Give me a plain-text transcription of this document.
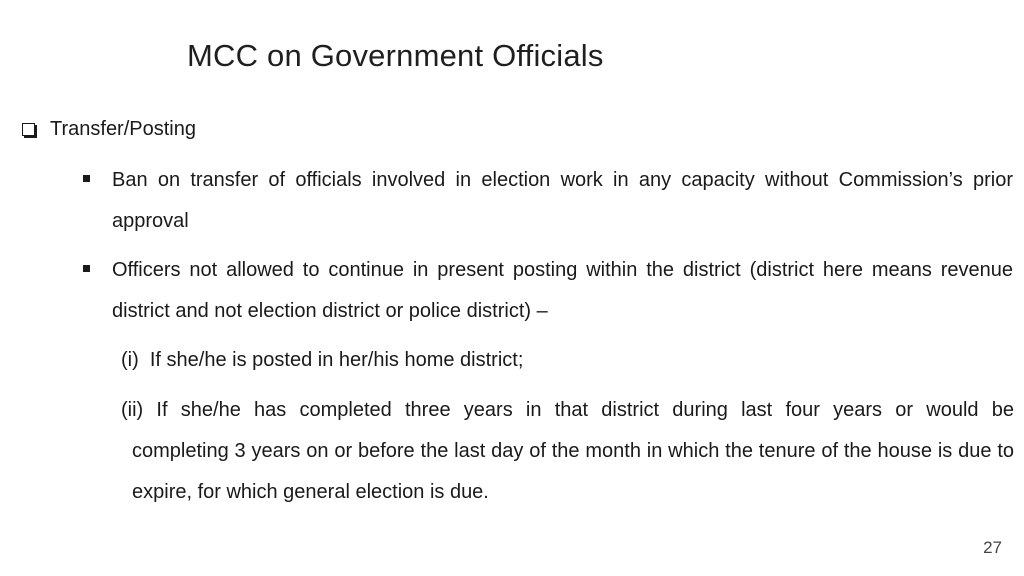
MCC on Government Officials
Transfer/Posting
Ban on transfer of officials involved in election work in any capacity without Commission’s prior approval
Officers not allowed to continue in present posting within the district (district here means revenue district and not election district or police district) –
(i)  If she/he is posted in her/his home district;
(ii) If she/he has completed three years in that district during last four years or would be
completing 3 years on or before the last day of the month in which the tenure of the house is due to expire, for which general election is due.
27
